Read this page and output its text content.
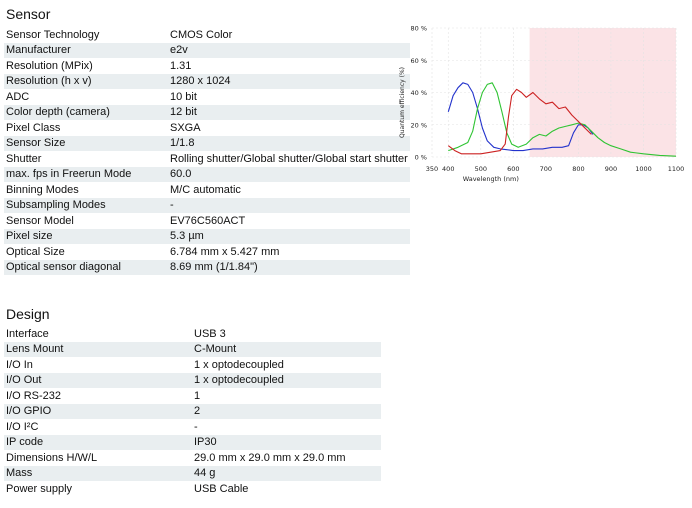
Sensor
Sensor Technology	CMOS Color
Manufacturer	e2v
Resolution (MPix)	1.31
Resolution (h x v)	1280 x 1024
ADC	10 bit
Color depth (camera)	12 bit
Pixel Class	SXGA
Sensor Size	1/1.8
Shutter	Rolling shutter/Global shutter/Global start shutter
max. fps in Freerun Mode	60.0
Binning Modes	M/C automatic
Subsampling Modes	-
Sensor Model	EV76C560ACT
Pixel size	5.3 µm
Optical Size	6.784 mm x 5.427 mm
Optical sensor diagonal	8.69 mm (1/1.84")
Design
Interface	USB 3
Lens Mount	C-Mount
I/O In	1 x optodecoupled
I/O Out	1 x optodecoupled
I/O RS-232	1
I/O GPIO	2
I/O I²C	-
IP code	IP30
Dimensions H/W/L	29.0 mm x 29.0 mm x 29.0 mm
Mass	44 g
Power supply	USB Cable
350 400	500	600	700	800	900	1000 1100
0 %
20 %
40 %
60 %
80 %
Wavelength (nm)
Quantum efficiency (%)
